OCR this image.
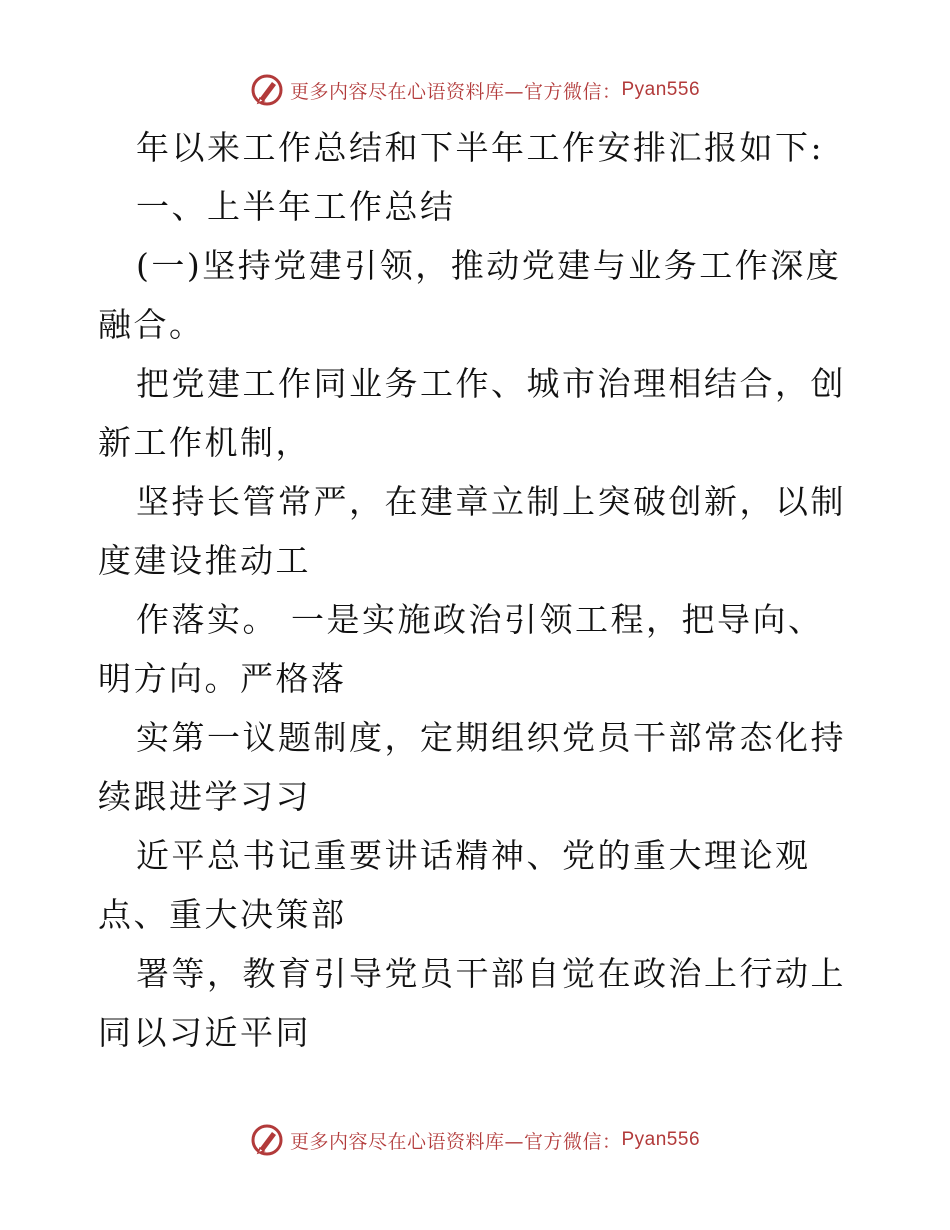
更多内容尽在心语资料库—官方微信： Pyan556

年以来工作总结和下半年工作安排汇报如下:

一、上半年工作总结

(一)坚持党建引领，推动党建与业务工作深度融合。

把党建工作同业务工作、城市治理相结合，创新工作机制，

坚持长管常严，在建章立制上突破创新，以制度建设推动工

作落实。 一是实施政治引领工程，把导向、明方向。严格落

实第一议题制度，定期组织党员干部常态化持续跟进学习习

近平总书记重要讲话精神、党的重大理论观点、重大决策部

署等，教育引导党员干部自觉在政治上行动上同以习近平同

更多内容尽在心语资料库—官方微信： Pyan556
